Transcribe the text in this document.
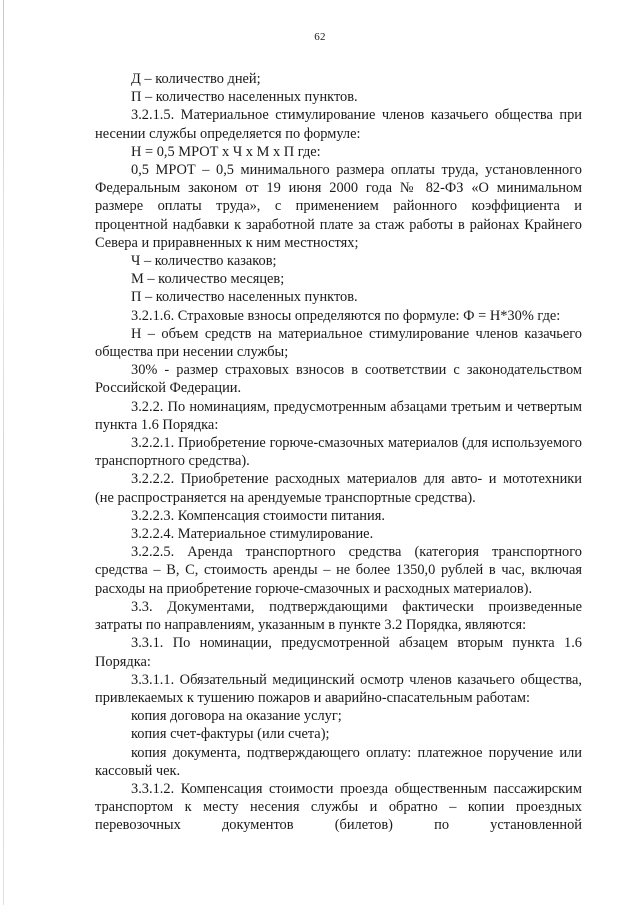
62

Д – количество дней;

П – количество населенных пунктов.

3.2.1.5. Материальное стимулирование членов казачьего общества при несении службы определяется по формуле:

Н = 0,5 МРОТ х Ч х М х П где:

0,5 МРОТ – 0,5 минимального размера оплаты труда, установленного Федеральным законом от 19 июня 2000 года № 82-ФЗ «О минимальном размере оплаты труда», с применением районного коэффициента и процентной надбавки к заработной плате за стаж работы в районах Крайнего Севера и приравненных к ним местностях;

Ч – количество казаков;

М – количество месяцев;

П – количество населенных пунктов.

3.2.1.6. Страховые взносы определяются по формуле: Ф = Н*30% где:

Н – объем средств на материальное стимулирование членов казачьего общества при несении службы;

30% - размер страховых взносов в соответствии с законодательством Российской Федерации.

3.2.2. По номинациям, предусмотренным абзацами третьим и четвертым пункта 1.6 Порядка:

3.2.2.1. Приобретение горюче-смазочных материалов (для используемого транспортного средства).

3.2.2.2. Приобретение расходных материалов для авто- и мототехники (не распространяется на арендуемые транспортные средства).

3.2.2.3. Компенсация стоимости питания.

3.2.2.4. Материальное стимулирование.

3.2.2.5. Аренда транспортного средства (категория транспортного средства – В, С, стоимость аренды – не более 1350,0 рублей в час, включая расходы на приобретение горюче-смазочных и расходных материалов).

3.3. Документами, подтверждающими фактически произведенные затраты по направлениям, указанным в пункте 3.2 Порядка, являются:

3.3.1. По номинации, предусмотренной абзацем вторым пункта 1.6 Порядка:

3.3.1.1. Обязательный медицинский осмотр членов казачьего общества, привлекаемых к тушению пожаров и аварийно-спасательным работам:

копия договора на оказание услуг;

копия счет-фактуры (или счета);

копия документа, подтверждающего оплату: платежное поручение или кассовый чек.

3.3.1.2. Компенсация стоимости проезда общественным пассажирским транспортом к месту несения службы и обратно – копии проездных перевозочных документов (билетов) по установленной
